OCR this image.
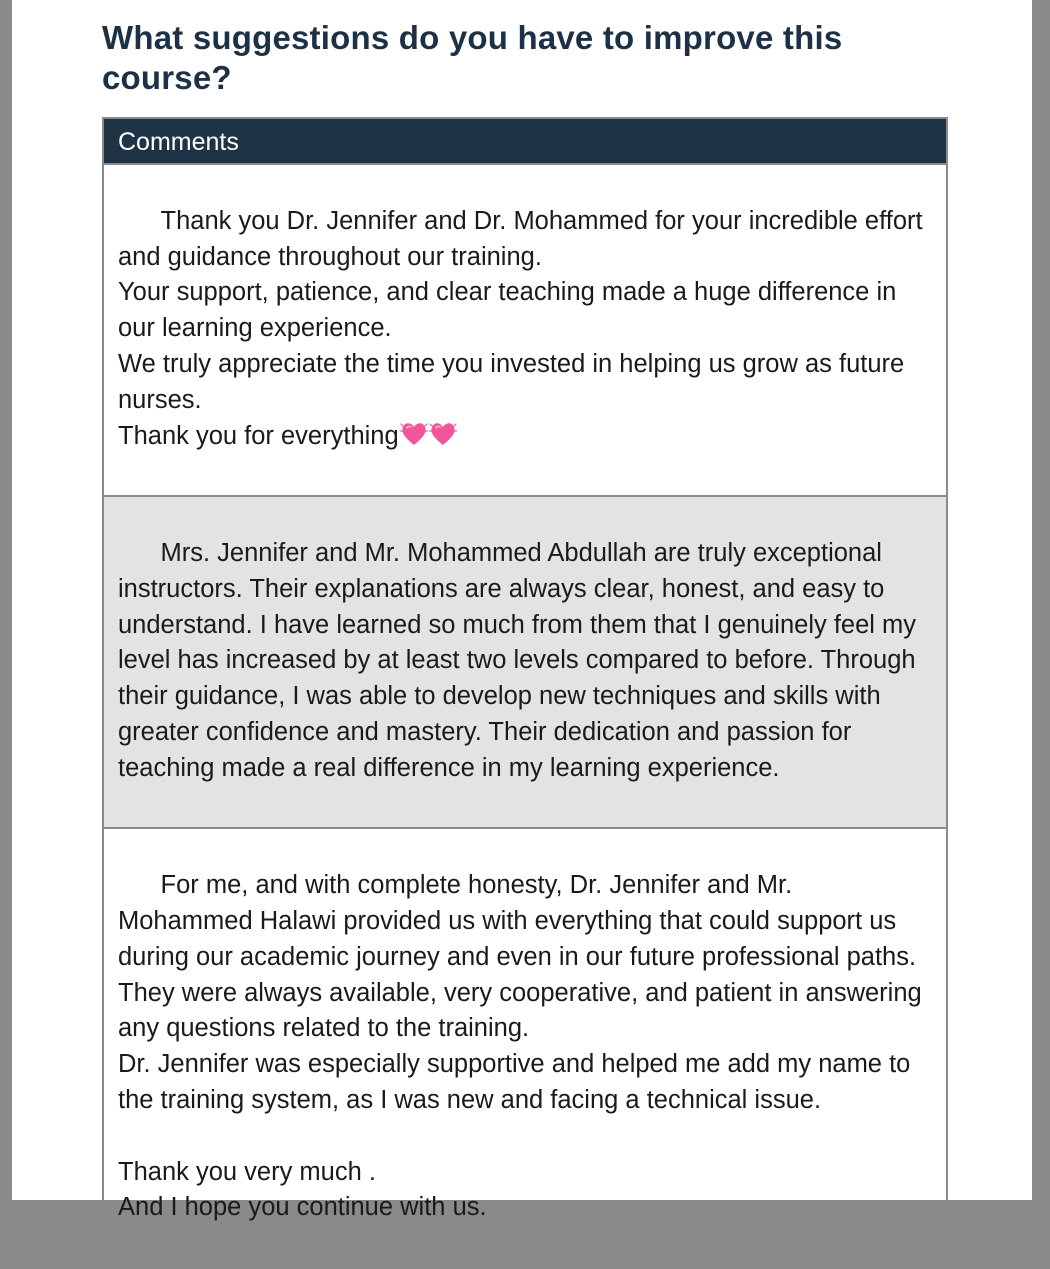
What suggestions do you have to improve this course?
Comments

Thank you Dr. Jennifer and Dr. Mohammed for your incredible effort and guidance throughout our training.
Your support, patience, and clear teaching made a huge difference in our learning experience.
We truly appreciate the time you invested in helping us grow as future nurses.
Thank you for everything

Mrs. Jennifer and Mr. Mohammed Abdullah are truly exceptional instructors. Their explanations are always clear, honest, and easy to understand. I have learned so much from them that I genuinely feel my level has increased by at least two levels compared to before. Through their guidance, I was able to develop new techniques and skills with greater confidence and mastery. Their dedication and passion for teaching made a real difference in my learning experience.

For me, and with complete honesty, Dr. Jennifer and Mr. Mohammed Halawi provided us with everything that could support us during our academic journey and even in our future professional paths. They were always available, very cooperative, and patient in answering any questions related to the training.
Dr. Jennifer was especially supportive and helped me add my name to the training system, as I was new and facing a technical issue.

Thank you very much .
And I hope you continue with us.
